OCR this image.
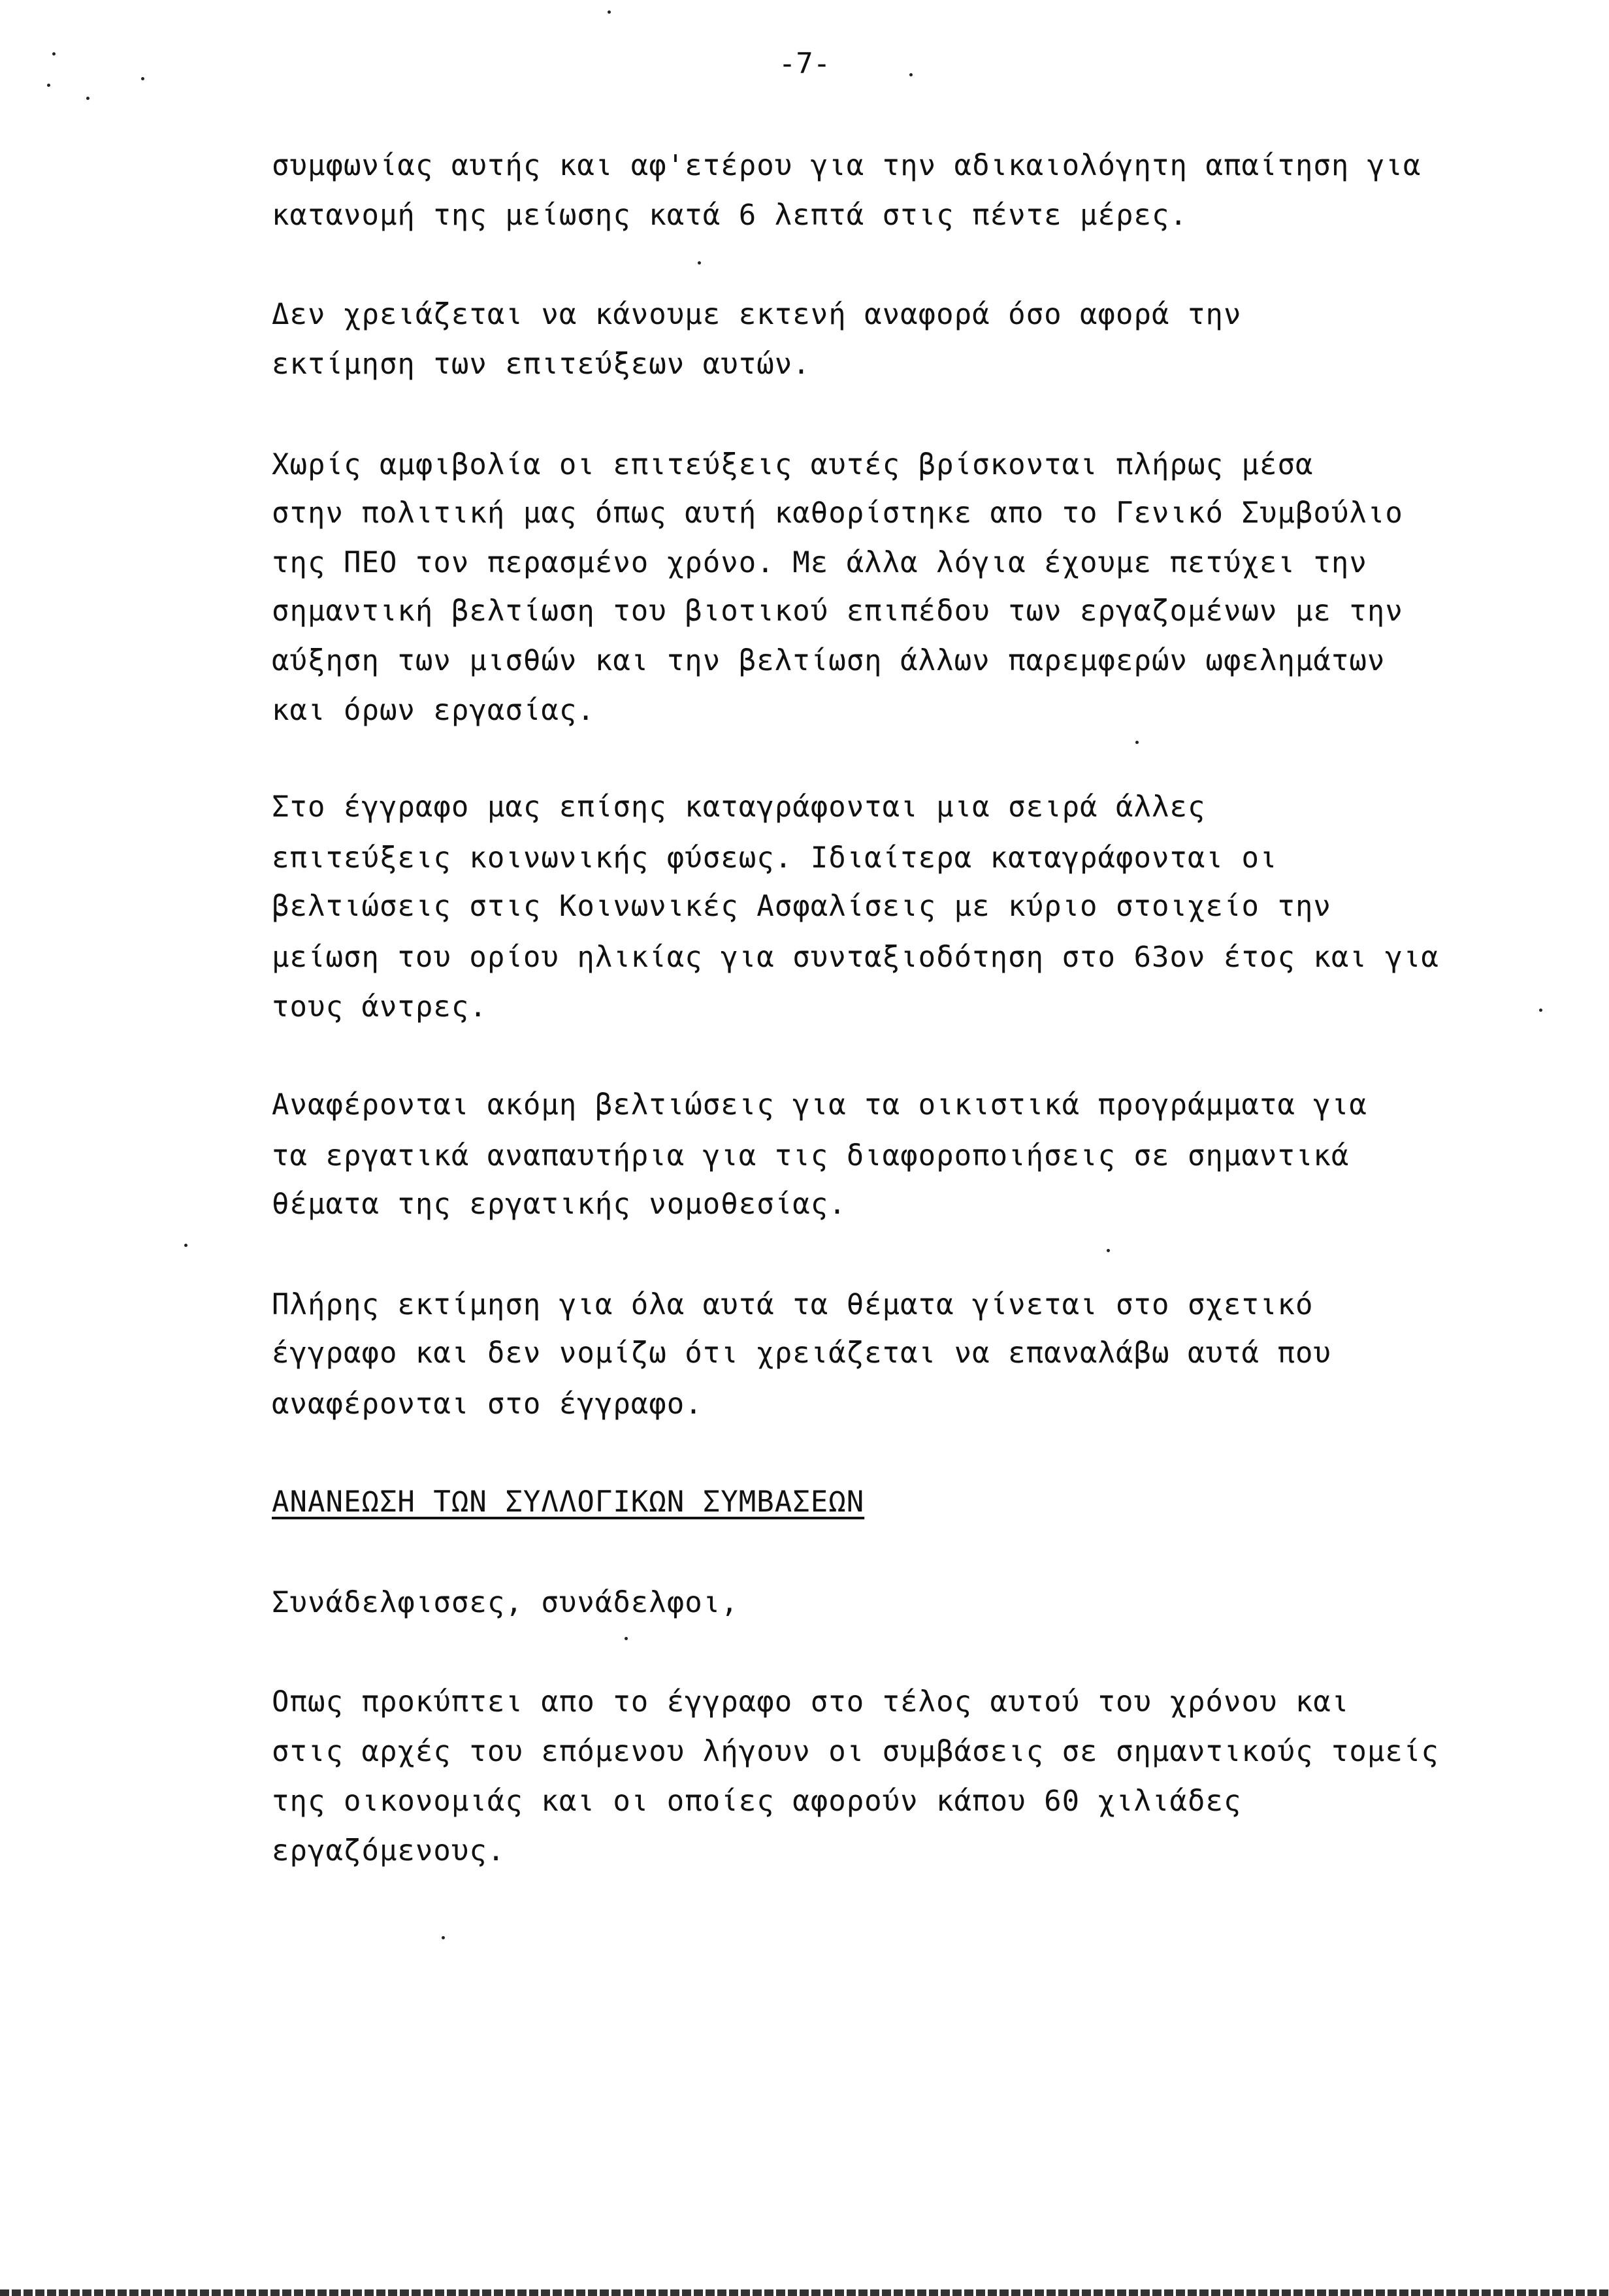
-7-
συμφωνίας αυτής και αφ'ετέρου για την αδικαιολόγητη απαίτηση για
κατανομή της μείωσης κατά 6 λεπτά στις πέντε μέρες.
Δεν χρειάζεται να κάνουμε εκτενή αναφορά όσο αφορά την
εκτίμηση των επιτεύξεων αυτών.
Χωρίς αμφιβολία οι επιτεύξεις αυτές βρίσκονται πλήρως μέσα
στην πολιτική μας όπως αυτή καθορίστηκε απο το Γενικό Συμβούλιο
της ΠΕΟ τον περασμένο χρόνο. Με άλλα λόγια έχουμε πετύχει την
σημαντική βελτίωση του βιοτικού επιπέδου των εργαζομένων με την
αύξηση των μισθών και την βελτίωση άλλων παρεμφερών ωφελημάτων
και όρων εργασίας.
Στο έγγραφο μας επίσης καταγράφονται μια σειρά άλλες
επιτεύξεις κοινωνικής φύσεως. Ιδιαίτερα καταγράφονται οι
βελτιώσεις στις Κοινωνικές Ασφαλίσεις με κύριο στοιχείο την
μείωση του ορίου ηλικίας για συνταξιοδότηση στο 63ον έτος και για
τους άντρες.
Αναφέρονται ακόμη βελτιώσεις για τα οικιστικά προγράμματα για
τα εργατικά αναπαυτήρια για τις διαφοροποιήσεις σε σημαντικά
θέματα της εργατικής νομοθεσίας.
Πλήρης εκτίμηση για όλα αυτά τα θέματα γίνεται στο σχετικό
έγγραφο και δεν νομίζω ότι χρειάζεται να επαναλάβω αυτά που
αναφέρονται στο έγγραφο.
ΑΝΑΝΕΩΣΗ ΤΩΝ ΣΥΛΛΟΓΙΚΩΝ ΣΥΜΒΑΣΕΩΝ
Συνάδελφισσες, συνάδελφοι,
Οπως προκύπτει απο το έγγραφο στο τέλος αυτού του χρόνου και
στις αρχές του επόμενου λήγουν οι συμβάσεις σε σημαντικούς τομείς
της οικονομιάς και οι οποίες αφορούν κάπου 60 χιλιάδες
εργαζόμενους.
